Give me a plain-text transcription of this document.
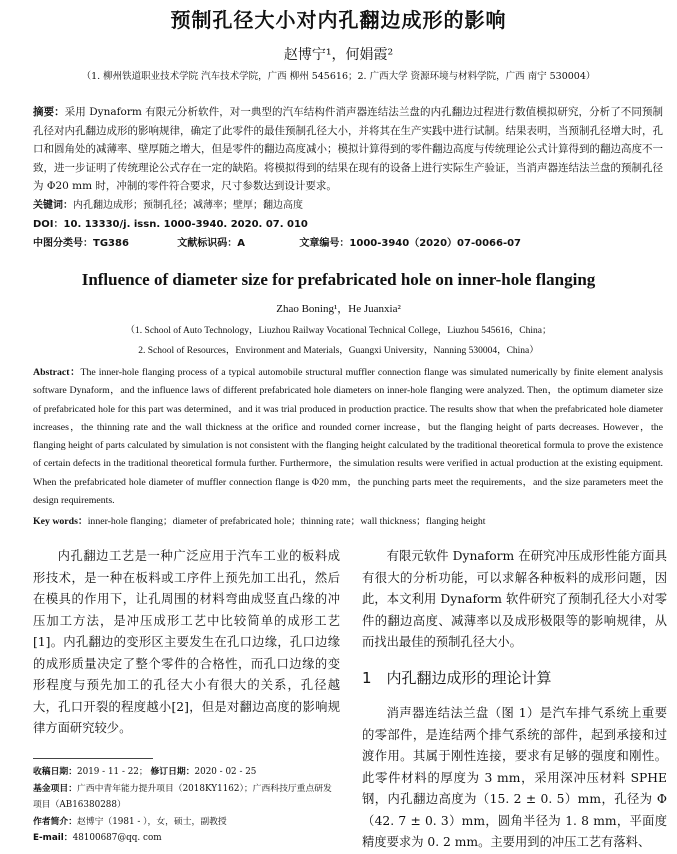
预制孔径大小对内孔翻边成形的影响
赵博宁¹，何娟霞²
（1. 柳州铁道职业技术学院 汽车技术学院，广西 柳州 545616；2. 广西大学 资源环境与材料学院，广西 南宁 530004）
摘要：采用 Dynaform 有限元分析软件，对一典型的汽车结构件消声器连结法兰盘的内孔翻边过程进行数值模拟研究，分析了不同预制孔径对内孔翻边成形的影响规律，确定了此零件的最佳预制孔径大小，并将其在生产实践中进行试制。结果表明，当预制孔径增大时，孔口和圆角处的减薄率、壁厚随之增大，但是零件的翻边高度减小；模拟计算得到的零件翻边高度与传统理论公式计算得到的翻边高度不一致，进一步证明了传统理论公式存在一定的缺陷。将模拟得到的结果在现有的设备上进行实际生产验证，当消声器连结法兰盘的预制孔径为 Φ20 mm 时，冲制的零件符合要求，尺寸参数达到设计要求。
关键词：内孔翻边成形；预制孔径；减薄率；壁厚；翻边高度
DOI：10. 13330/j. issn. 1000-3940. 2020. 07. 010
中图分类号：TG386	文献标识码：A	文章编号：1000-3940（2020）07-0066-07
Influence of diameter size for prefabricated hole on inner-hole flanging
Zhao Boning¹，He Juanxia²
（1. School of Auto Technology，Liuzhou Railway Vocational Technical College，Liuzhou 545616，China；
2. School of Resources，Environment and Materials，Guangxi University，Nanning 530004，China）
Abstract：The inner-hole flanging process of a typical automobile structural muffler connection flange was simulated numerically by finite element analysis software Dynaform，and the influence laws of different prefabricated hole diameters on inner-hole flanging were analyzed. Then，the optimum diameter size of prefabricated hole for this part was determined，and it was trial produced in production practice. The results show that when the prefabricated hole diameter increases，the thinning rate and the wall thickness at the orifice and rounded corner increase，but the flanging height of parts decreases. However，the flanging height of parts calculated by simulation is not consistent with the flanging height calculated by the traditional theoretical formula to prove the existence of certain defects in the traditional theoretical formula further. Furthermore，the simulation results were verified in actual production at the existing equipment. When the prefabricated hole diameter of muffler connection flange is Φ20 mm，the punching parts meet the requirements，and the size parameters meet the design requirements.
Key words：inner-hole flanging；diameter of prefabricated hole；thinning rate；wall thickness；flanging height
内孔翻边工艺是一种广泛应用于汽车工业的板料成形技术，是一种在板料或工序件上预先加工出孔，然后在模具的作用下，让孔周围的材料弯曲成竖直凸缘的冲压加工方法，是冲压成形工艺中比较简单的成形工艺[1]。内孔翻边的变形区主要发生在孔口边缘，孔口边缘的成形质量决定了整个零件的合格性，而孔口边缘的变形程度与预先加工的孔径大小有很大的关系，孔径越大，孔口开裂的程度越小[2]，但是对翻边高度的影响规律方面研究较少。
有限元软件 Dynaform 在研究冲压成形性能方面具有很大的分析功能，可以求解各种板料的成形问题，因此，本文利用 Dynaform 软件研究了预制孔径大小对零件的翻边高度、减薄率以及成形极限等的影响规律，从而找出最佳的预制孔径大小。
1　内孔翻边成形的理论计算
消声器连结法兰盘（图 1）是汽车排气系统上重要的零部件，是连结两个排气系统的部件，起到承接和过渡作用。其属于刚性连接，要求有足够的强度和刚性。此零件材料的厚度为 3 mm，采用深冲压材料 SPHE 钢，内孔翻边高度为（15. 2 ± 0. 5）mm，孔径为 Φ（42. 7 ± 0. 3）mm，圆角半径为 1. 8 mm，平面度精度要求为 0. 2 mm。主要用到的冲压工艺有落料、
收稿日期：2019 - 11 - 22； 修订日期：2020 - 02 - 25
基金项目：广西中青年能力提升项目（2018KY1162）；广西科技厅重点研发项目（AB16380288）
作者简介：赵博宁（1981 - ），女，硕士，副教授
E-mail：48100687@qq. com
